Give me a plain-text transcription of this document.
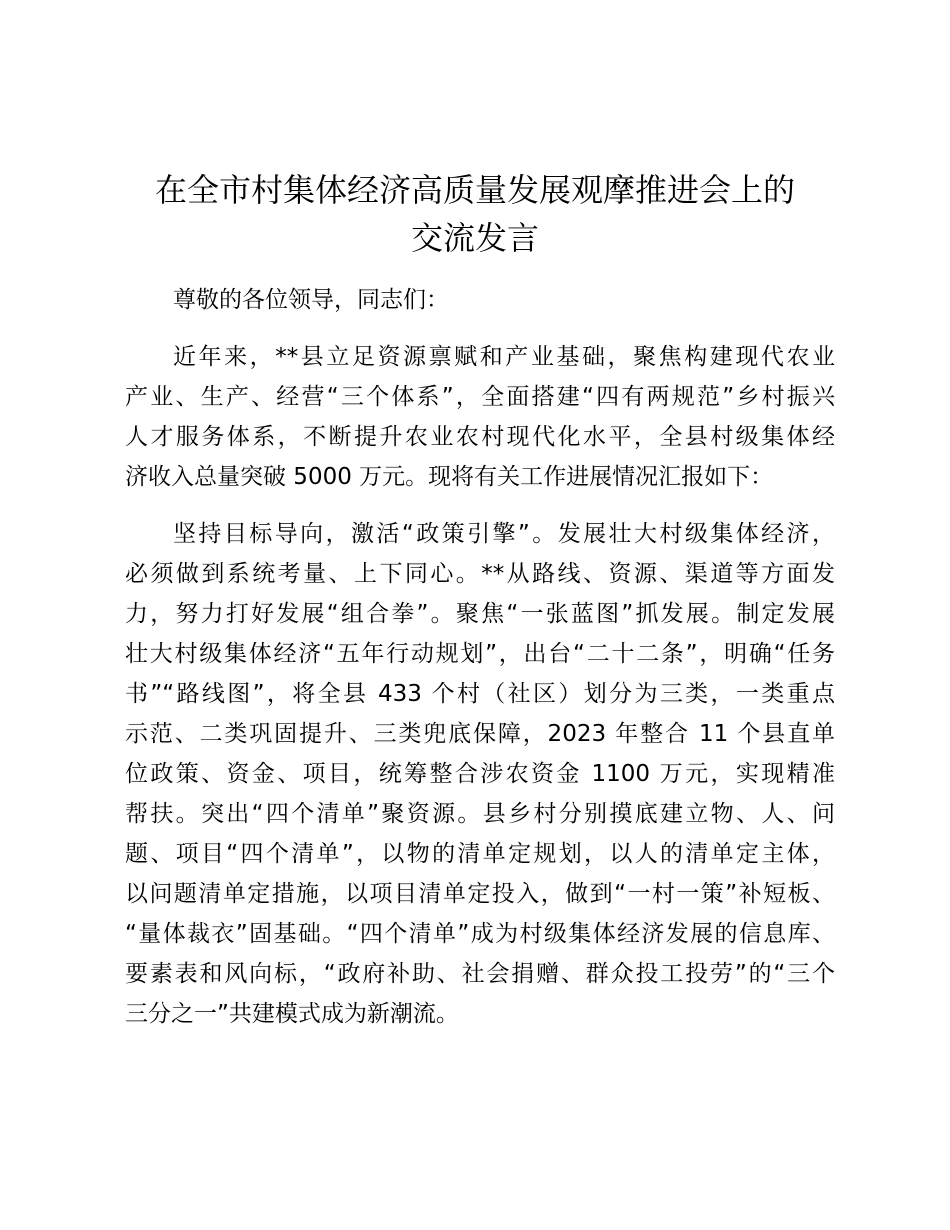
在全市村集体经济高质量发展观摩推进会上的
交流发言
尊敬的各位领导，同志们：
近年来，**县立足资源禀赋和产业基础，聚焦构建现代农业
产业、生产、经营“三个体系”，全面搭建“四有两规范”乡村振兴
人才服务体系，不断提升农业农村现代化水平，全县村级集体经
济收入总量突破 5000 万元。现将有关工作进展情况汇报如下：
坚持目标导向，激活“政策引擎”。发展壮大村级集体经济，
必须做到系统考量、上下同心。**从路线、资源、渠道等方面发
力，努力打好发展“组合拳”。聚焦“一张蓝图”抓发展。制定发展
壮大村级集体经济“五年行动规划”，出台“二十二条”，明确“任务
书”“路线图”，将全县 433 个村（社区）划分为三类，一类重点
示范、二类巩固提升、三类兜底保障，2023 年整合 11 个县直单
位政策、资金、项目，统筹整合涉农资金 1100 万元，实现精准
帮扶。突出“四个清单”聚资源。县乡村分别摸底建立物、人、问
题、项目“四个清单”，以物的清单定规划，以人的清单定主体，
以问题清单定措施，以项目清单定投入，做到“一村一策”补短板、
“量体裁衣”固基础。“四个清单”成为村级集体经济发展的信息库、
要素表和风向标，“政府补助、社会捐赠、群众投工投劳”的“三个
三分之一”共建模式成为新潮流。
